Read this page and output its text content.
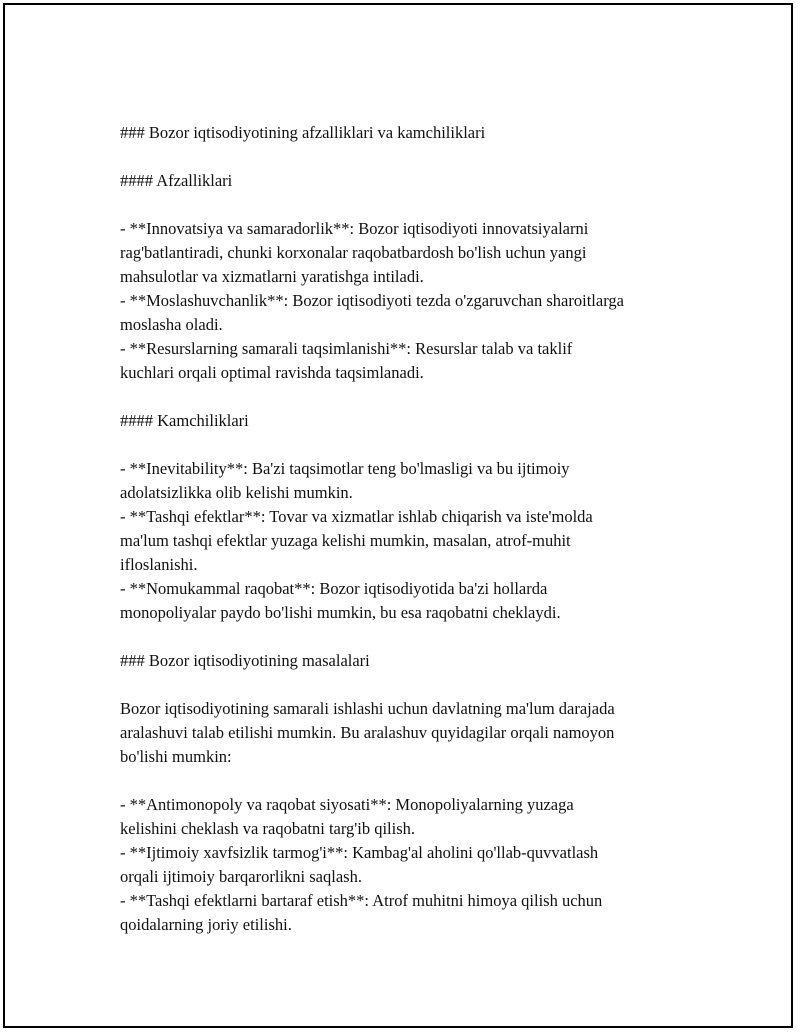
### Bozor iqtisodiyotining afzalliklari va kamchiliklari

#### Afzalliklari

- **Innovatsiya va samaradorlik**: Bozor iqtisodiyoti innovatsiyalarni
rag'batlantiradi, chunki korxonalar raqobatbardosh bo'lish uchun yangi
mahsulotlar va xizmatlarni yaratishga intiladi.

- **Moslashuvchanlik**: Bozor iqtisodiyoti tezda o'zgaruvchan sharoitlarga
moslasha oladi.

- **Resurslarning samarali taqsimlanishi**: Resurslar talab va taklif
kuchlari orqali optimal ravishda taqsimlanadi.

#### Kamchiliklari

- **Inevitability**: Ba'zi taqsimotlar teng bo'lmasligi va bu ijtimoiy
adolatsizlikka olib kelishi mumkin.

- **Tashqi efektlar**: Tovar va xizmatlar ishlab chiqarish va iste'molda
ma'lum tashqi efektlar yuzaga kelishi mumkin, masalan, atrof-muhit
ifloslanishi.

- **Nomukammal raqobat**: Bozor iqtisodiyotida ba'zi hollarda
monopoliyalar paydo bo'lishi mumkin, bu esa raqobatni cheklaydi.

### Bozor iqtisodiyotining masalalari

Bozor iqtisodiyotining samarali ishlashi uchun davlatning ma'lum darajada
aralashuvi talab etilishi mumkin. Bu aralashuv quyidagilar orqali namoyon
bo'lishi mumkin:

- **Antimonopoly va raqobat siyosati**: Monopoliyalarning yuzaga
kelishini cheklash va raqobatni targ'ib qilish.

- **Ijtimoiy xavfsizlik tarmog'i**: Kambag'al aholini qo'llab-quvvatlash
orqali ijtimoiy barqarorlikni saqlash.

- **Tashqi efektlarni bartaraf etish**: Atrof muhitni himoya qilish uchun
qoidalarning joriy etilishi.
